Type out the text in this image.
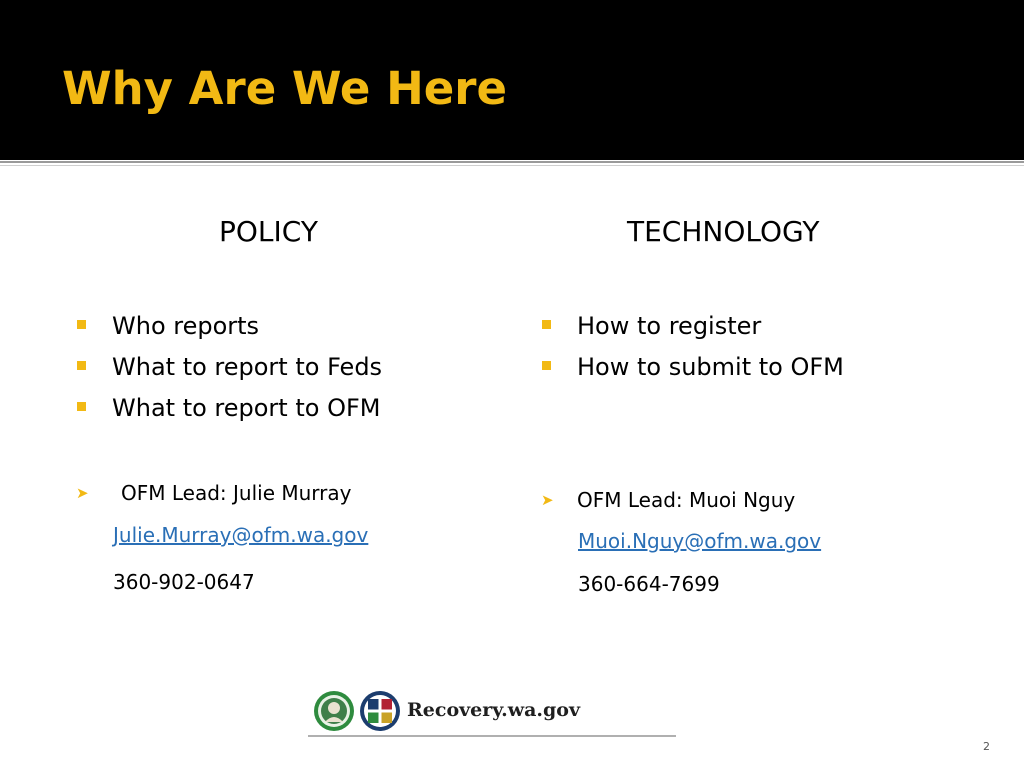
Why Are We Here
POLICY
Who reports
What to report to Feds
What to report to OFM
➤ OFM Lead: Julie Murray
Julie.Murray@ofm.wa.gov
360-902-0647
TECHNOLOGY
How to register
How to submit to OFM
➤ OFM Lead: Muoi Nguy
Muoi.Nguy@ofm.wa.gov
360-664-7699
Recovery.wa.gov
2
